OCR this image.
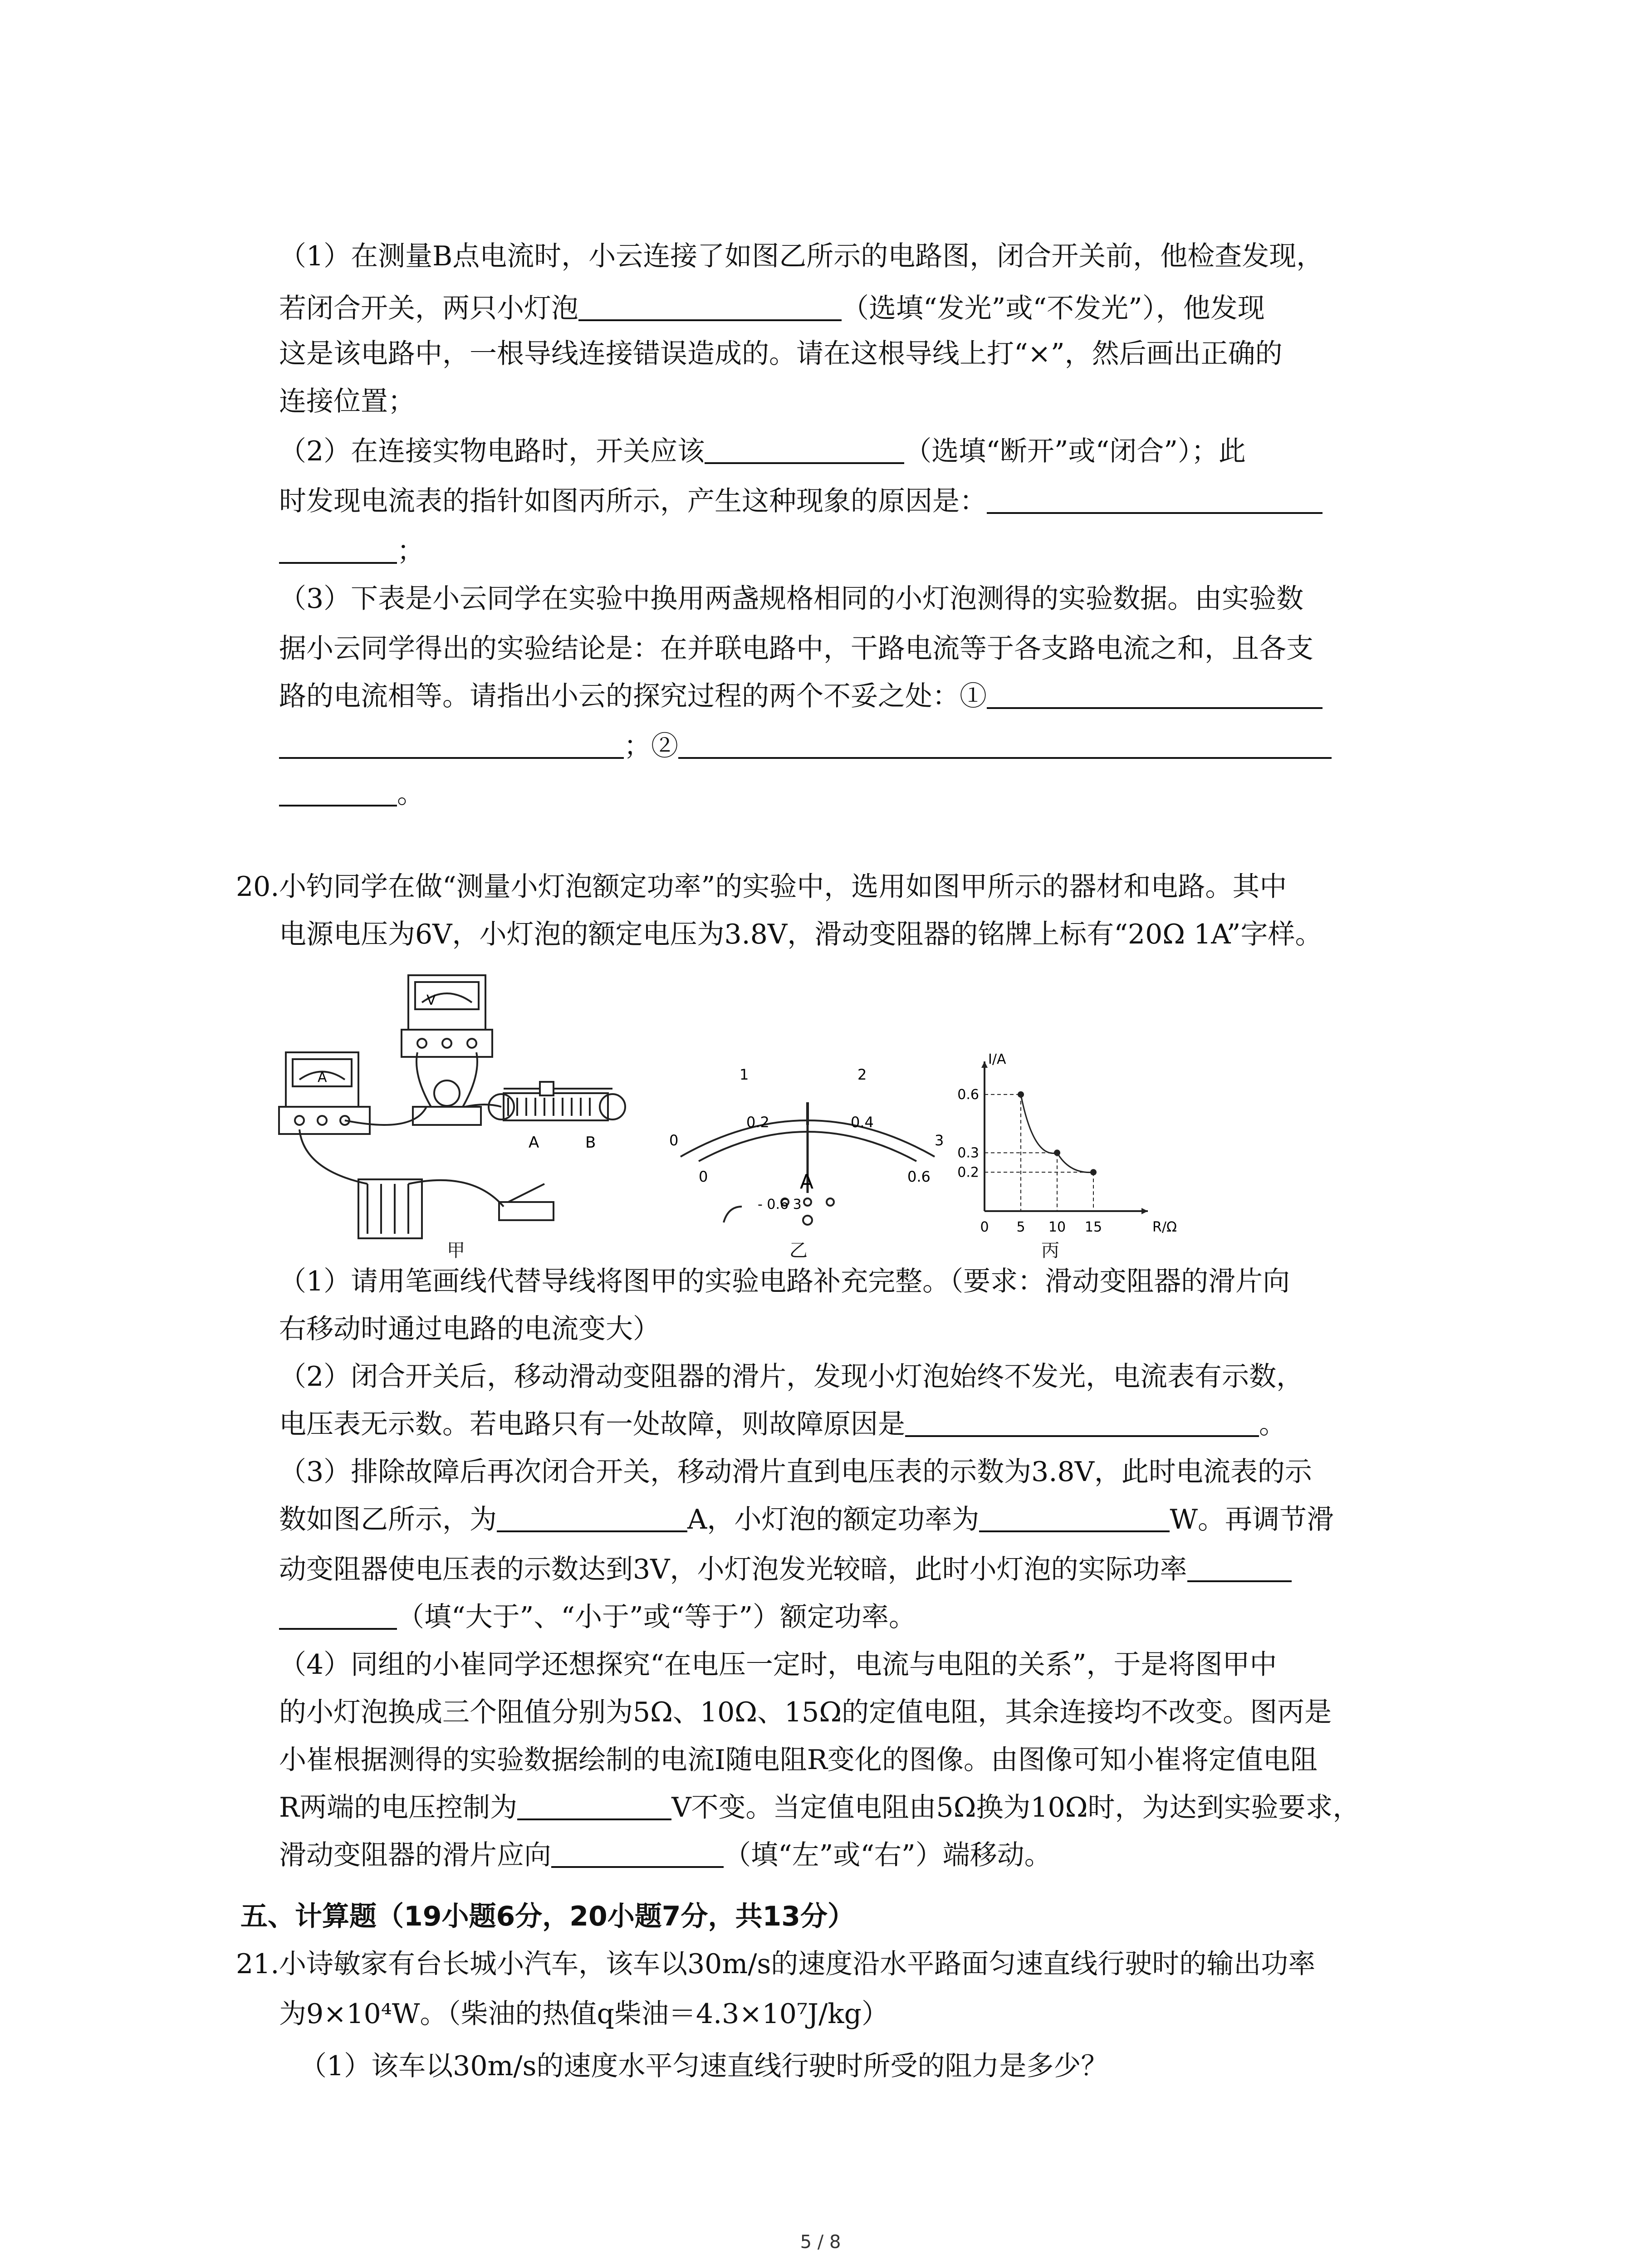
（1）在测量B点电流时，小云连接了如图乙所示的电路图，闭合开关前，他检查发现，
若闭合开关，两只小灯泡	（选填“发光”或“不发光”），他发现
这是该电路中，一根导线连接错误造成的。请在这根导线上打“×”，然后画出正确的
连接位置；
（2）在连接实物电路时，开关应该	（选填“断开”或“闭合”）；此
时发现电流表的指针如图丙所示，产生这种现象的原因是：
；
（3）下表是小云同学在实验中换用两盏规格相同的小灯泡测得的实验数据。由实验数
据小云同学得出的实验结论是：在并联电路中，干路电流等于各支路电流之和，且各支
路的电流相等。请指出小云的探究过程的两个不妥之处：①
；②
。
20. 小钓同学在做“测量小灯泡额定功率”的实验中，选用如图甲所示的器材和电路。其中
电源电压为6V，小灯泡的额定电压为3.8V，滑动变阻器的铭牌上标有“20Ω 1A”字样。
V
A
A	B
甲
0
1	2
3
0
0.2	0.4
0.6
A
- 0.6 3
乙
0 5 10 15
0.2
0.3
0.6
R/Ω
I/A
丙
（1）请用笔画线代替导线将图甲的实验电路补充完整。（要求：滑动变阻器的滑片向
右移动时通过电路的电流变大）
（2）闭合开关后，移动滑动变阻器的滑片，发现小灯泡始终不发光，电流表有示数，
电压表无示数。若电路只有一处故障，则故障原因是	。
（3）排除故障后再次闭合开关，移动滑片直到电压表的示数为3.8V，此时电流表的示
数如图乙所示，为	A，小灯泡的额定功率为	W。再调节滑
动变阻器使电压表的示数达到3V，小灯泡发光较暗，此时小灯泡的实际功率
（填“大于”、“小于”或“等于”）额定功率。
（4）同组的小崔同学还想探究“在电压一定时，电流与电阻的关系”，于是将图甲中
的小灯泡换成三个阻值分别为5Ω、10Ω、15Ω的定值电阻，其余连接均不改变。图丙是
小崔根据测得的实验数据绘制的电流I随电阻R变化的图像。由图像可知小崔将定值电阻
R两端的电压控制为	V不变。当定值电阻由5Ω换为10Ω时，为达到实验要求，
滑动变阻器的滑片应向	（填“左”或“右”）端移动。
五、计算题（19小题6分，20小题7分，共13分）
21. 小诗敏家有台长城小汽车，该车以30m/s的速度沿水平路面匀速直线行驶时的输出功率
为9×10⁴W。（柴油的热值q柴油＝4.3×10⁷J/kg）
（1）该车以30m/s的速度水平匀速直线行驶时所受的阻力是多少？
5 / 8
